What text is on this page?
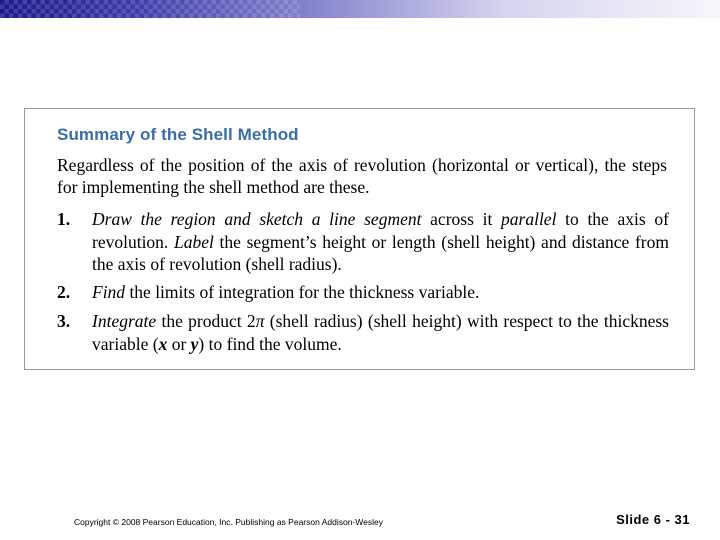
Summary of the Shell Method
Regardless of the position of the axis of revolution (horizontal or vertical), the steps for implementing the shell method are these.
1. Draw the region and sketch a line segment across it parallel to the axis of revolution. Label the segment’s height or length (shell height) and distance from the axis of revolution (shell radius).
2. Find the limits of integration for the thickness variable.
3. Integrate the product 2π (shell radius) (shell height) with respect to the thickness variable (x or y) to find the volume.
Copyright © 2008 Pearson Education, Inc. Publishing as Pearson Addison-Wesley	Slide 6 - 31
